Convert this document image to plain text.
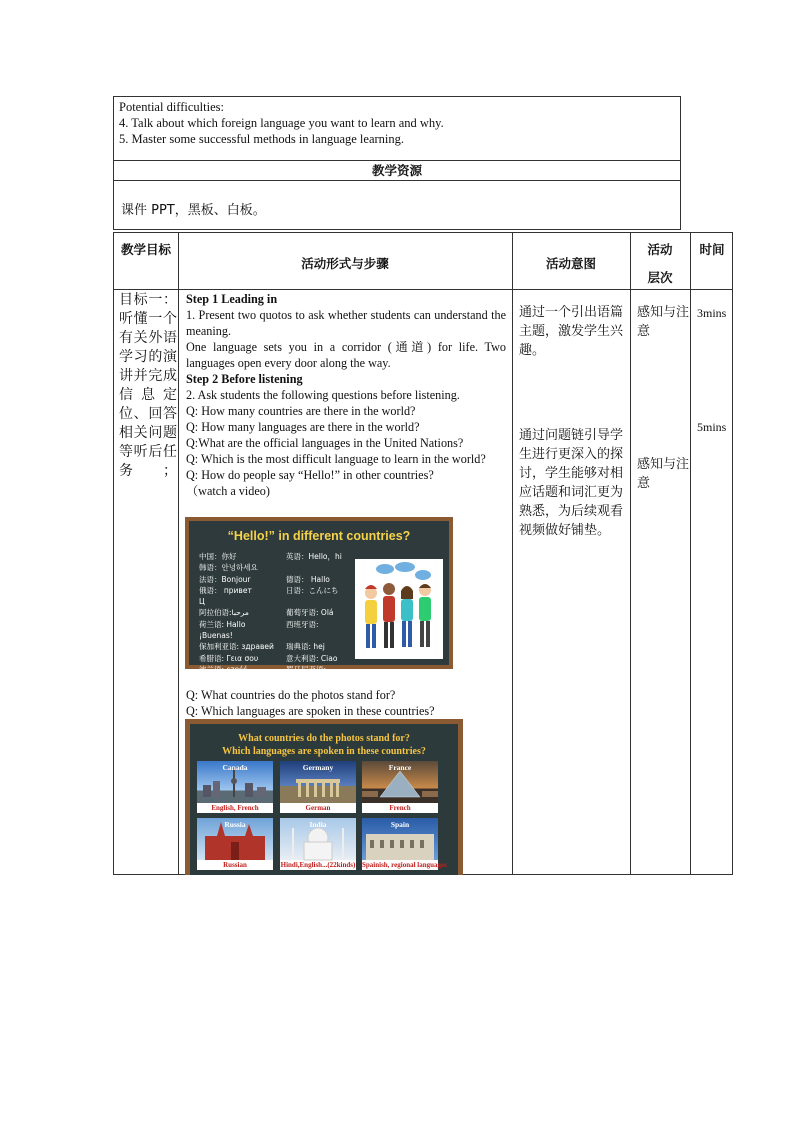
Potential difficulties:
4. Talk about which foreign language you want to learn and why.
5. Master some successful methods in language learning.
教学资源
课件 PPT，黑板、白板。
教学目标
活动形式与步骤	活动意图
活动
层次
时间
目标一：听懂一个有关外语学习的演讲并完成信息定位、回答相关问题等听后任务；
Step 1 Leading in
1. Present two quotos to ask whether students can understand the meaning.
One language sets you in a corridor (通道) for life. Two languages open every door along the way.
Step 2 Before listening
2. Ask students the following questions before listening.
Q: How many countries are there in the world?
Q: How many languages are there in the world?
Q:What are the official languages in the United Nations?
Q: Which is the most difficult language to learn in the world?
Q: How do people say “Hello!” in other countries?
（watch a video)
Q: What countries do the photos stand for?
Q: Which languages are spoken in these countries?
通过一个引出语篇主题，激发学生兴趣。
通过问题链引导学生进行更深入的探讨，学生能够对相应话题和词汇更为熟悉，为后续观看视频做好铺垫。
感知与注意
感知与注意
3mins
5mins
“Hello!” in different countries?
中国：你好
韩语：안녕하세요
法语：Bonjour
俄语： привет
Ц
阿拉伯语:مرحبا
荷兰语: Hallo
¡Buenas!
保加利亚语: здравей
希腊语: Γεια σου
波兰语: cześć
bună
英语：Hello，hi

德语： Hallo
日语：こんにち

葡萄牙语: Olá
西班牙语:

瑞典语: hej
意大利语: Ciao
罗马尼亚语:
What countries do the photos stand for?
Which languages are spoken in these countries?
Canada
English, French
Germany
German
France
French
Russia
Russian
India
Hindi,English...(22kinds)
Spain
Spainish, regional languages
